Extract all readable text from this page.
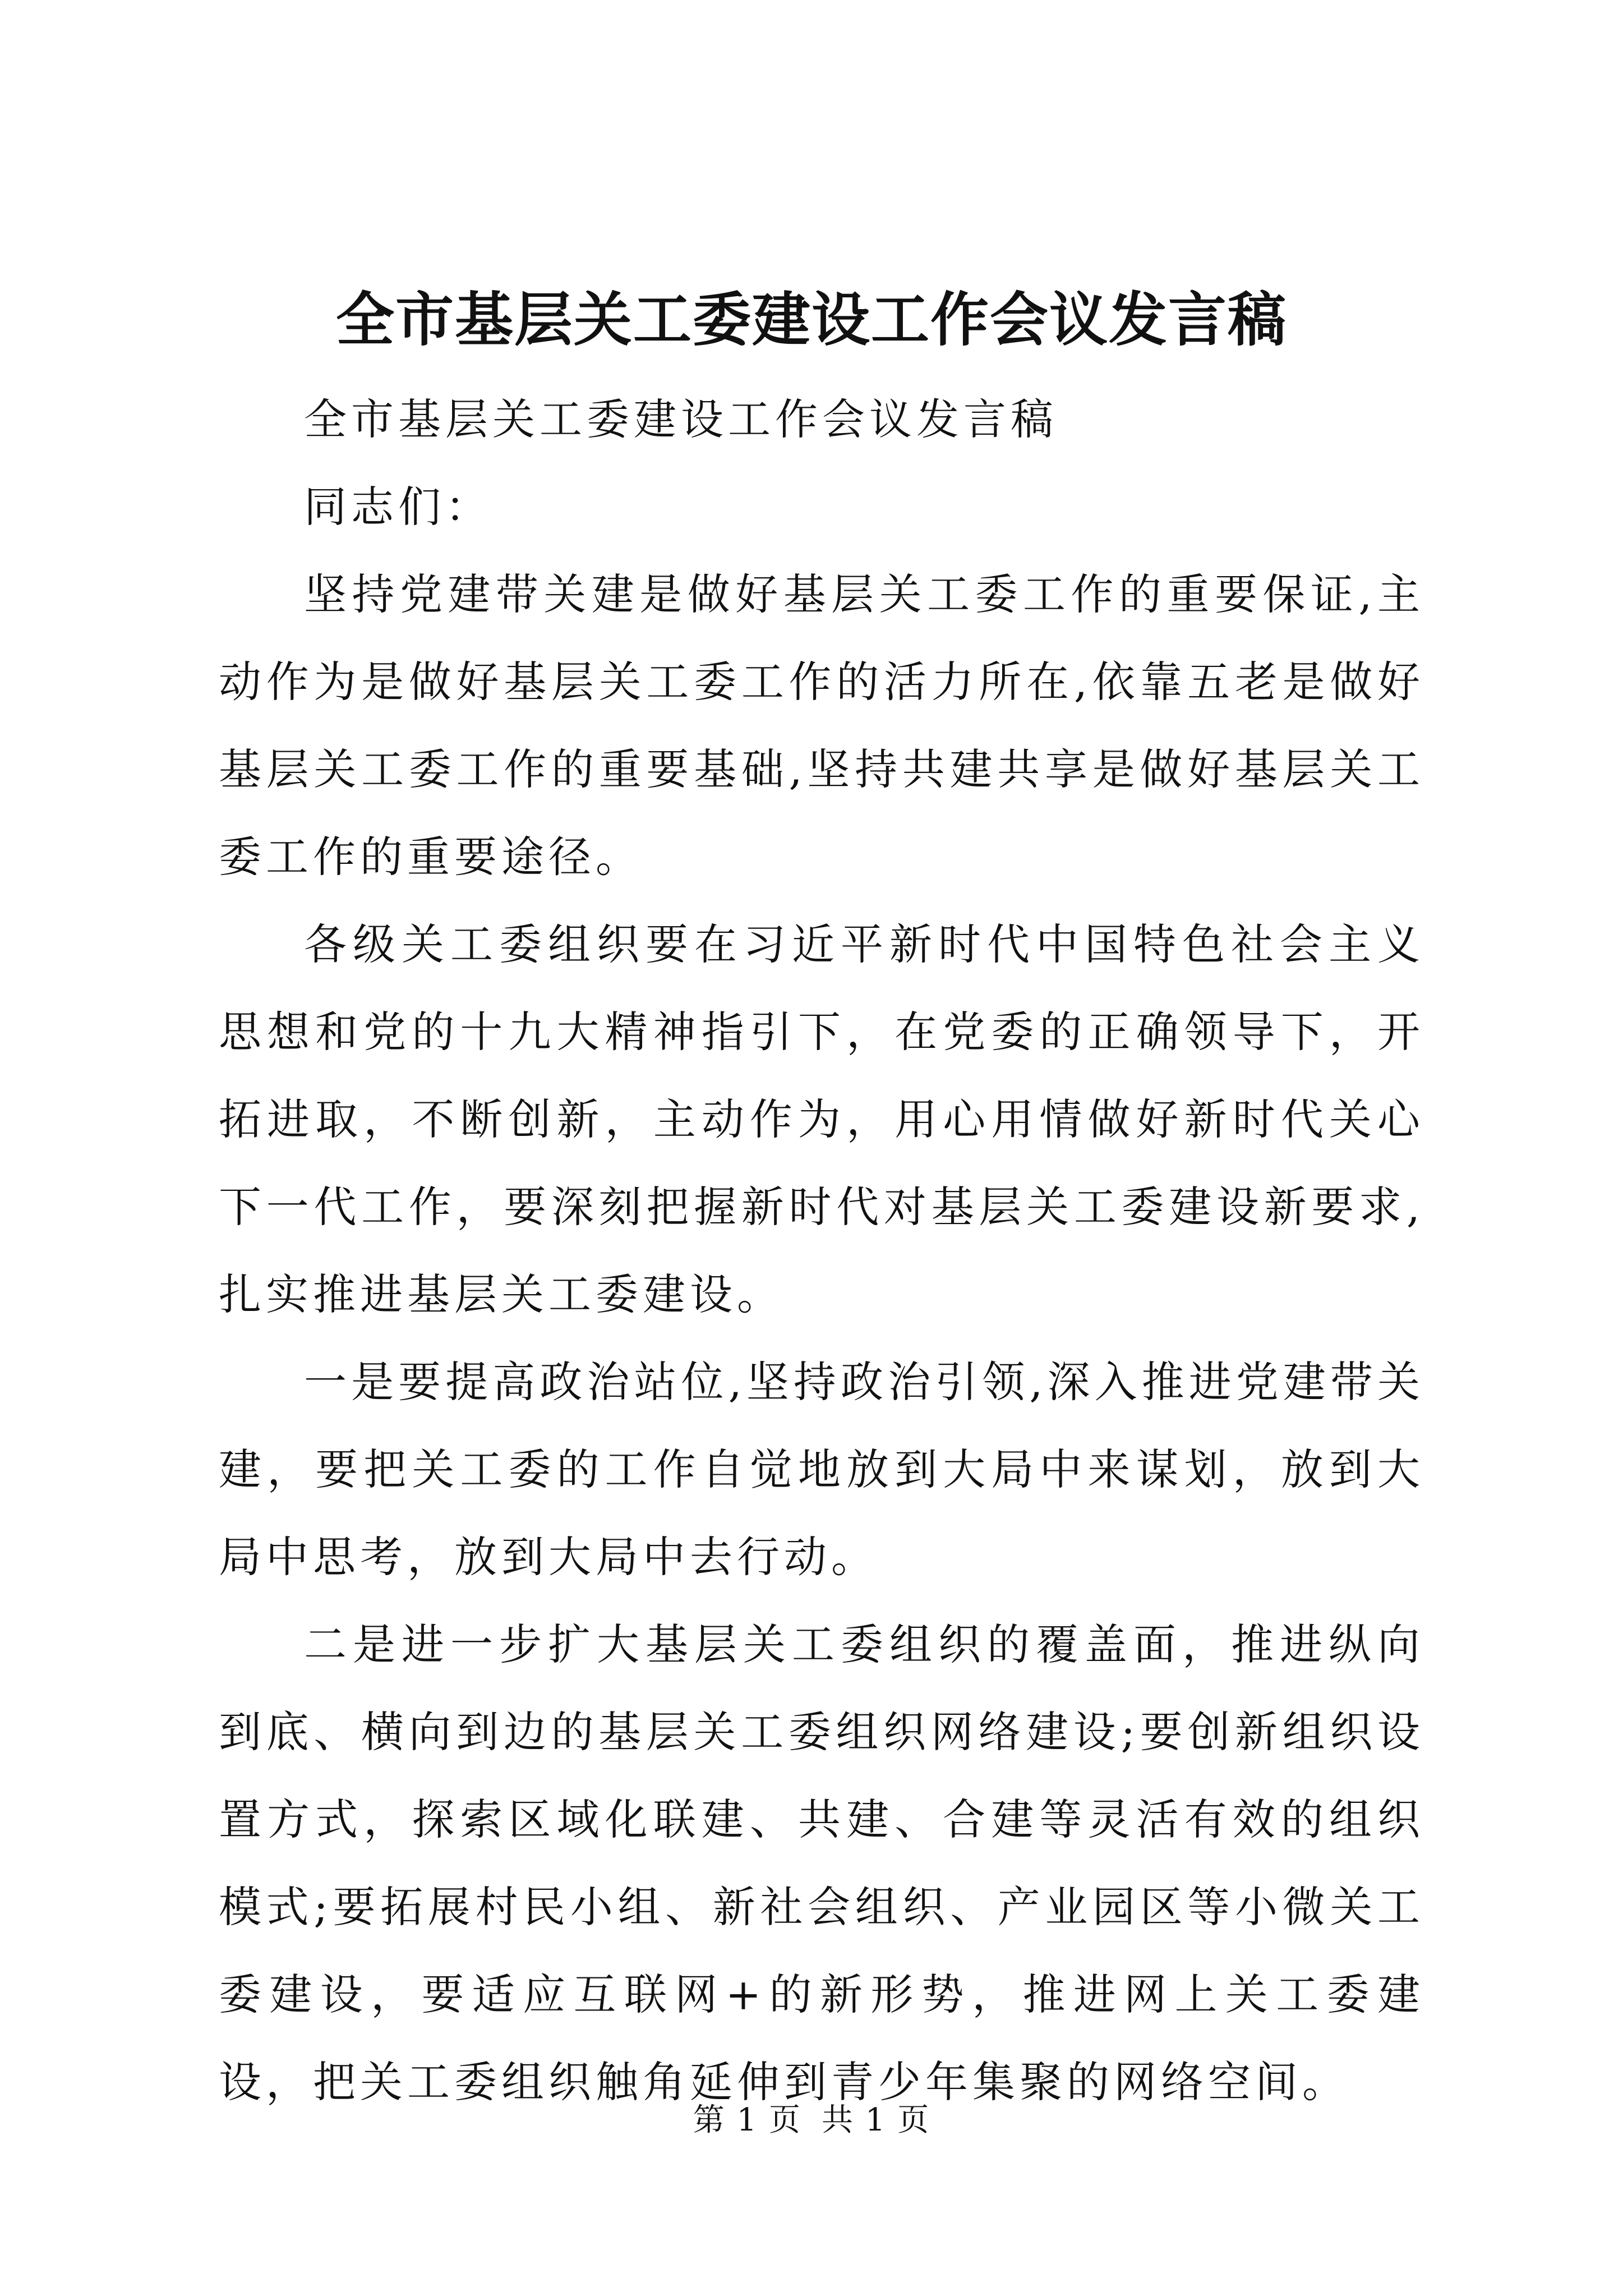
全市基层关工委建设工作会议发言稿

全市基层关工委建设工作会议发言稿

同志们：

坚持党建带关建是做好基层关工委工作的重要保证,主动作为是做好基层关工委工作的活力所在,依靠五老是做好基层关工委工作的重要基础,坚持共建共享是做好基层关工委工作的重要途径。

各级关工委组织要在习近平新时代中国特色社会主义思想和党的十九大精神指引下，在党委的正确领导下，开拓进取，不断创新，主动作为，用心用情做好新时代关心下一代工作，要深刻把握新时代对基层关工委建设新要求,扎实推进基层关工委建设。

一是要提高政治站位,坚持政治引领,深入推进党建带关建，要把关工委的工作自觉地放到大局中来谋划，放到大局中思考，放到大局中去行动。

二是进一步扩大基层关工委组织的覆盖面，推进纵向到底、横向到边的基层关工委组织网络建设;要创新组织设置方式，探索区域化联建、共建、合建等灵活有效的组织模式;要拓展村民小组、新社会组织、产业园区等小微关工委建设，要适应互联网+的新形势，推进网上关工委建设，把关工委组织触角延伸到青少年集聚的网络空间。

第 1 页 共 1 页
